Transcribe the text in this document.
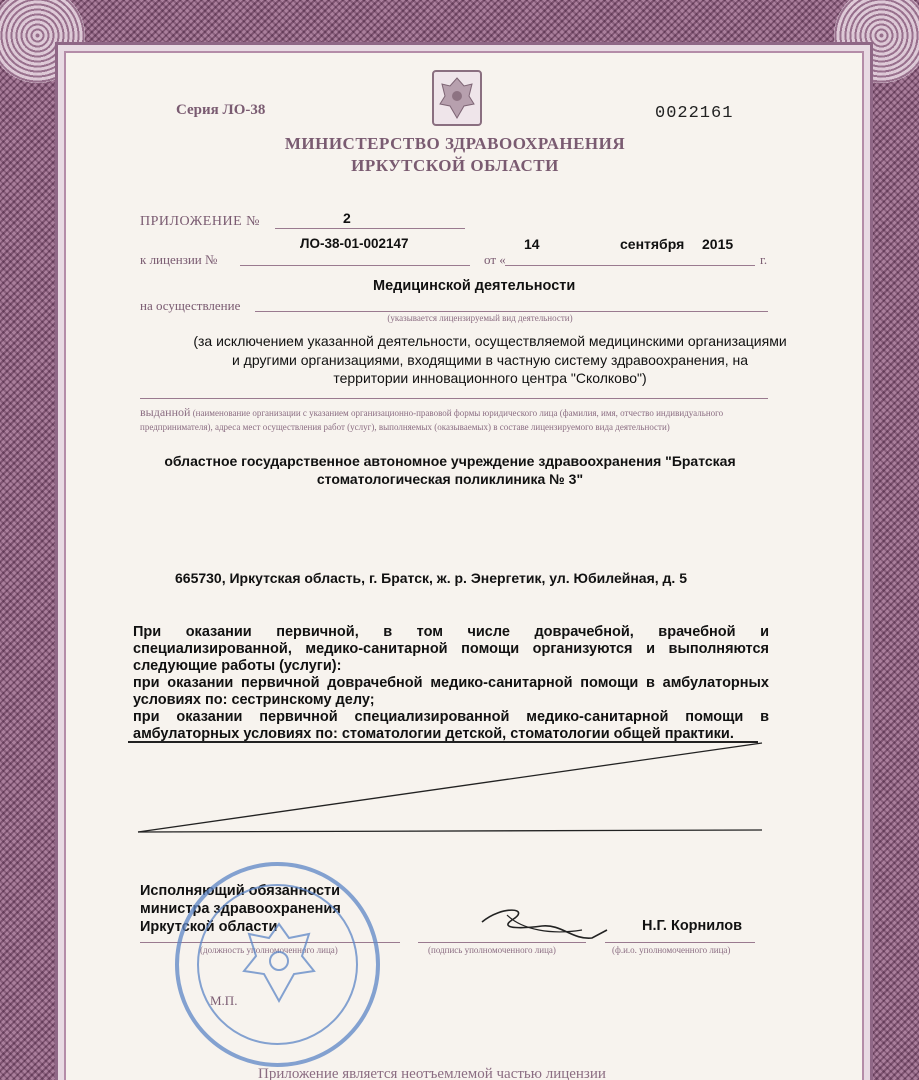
Серия ЛО-38	0022161
МИНИСТЕРСТВО ЗДРАВООХРАНЕНИЯ
ИРКУТСКОЙ ОБЛАСТИ
ПРИЛОЖЕНИЕ №	2
к лицензии №
ЛО-38-01-002147
от «
14	сентября 2015
г.
на осуществление
Медицинской деятельности
(указывается лицензируемый вид деятельности)
(за исключением указанной деятельности, осуществляемой медицинскими организациями
и другими организациями, входящими в частную систему здравоохранения, на
территории инновационного центра "Сколково")
выданной (наименование организации с указанием организационно-правовой формы юридического лица (фамилия, имя, отчество индивидуального предпринимателя), адреса мест осуществления работ (услуг), выполняемых (оказываемых) в составе лицензируемого вида деятельности)
областное государственное автономное учреждение здравоохранения "Братская
стоматологическая поликлиника № 3"
665730, Иркутская область, г. Братск, ж. р. Энергетик, ул. Юбилейная, д. 5
При оказании первичной, в том числе доврачебной, врачебной и
специализированной, медико-санитарной помощи организуются и выполняются
следующие работы (услуги):
при оказании первичной доврачебной медико-санитарной помощи в амбулаторных
условиях по: сестринскому делу;
при оказании первичной специализированной медико-санитарной помощи в
амбулаторных условиях по: стоматологии детской, стоматологии общей практики.
Исполняющий обязанности
министра здравоохранения
Иркутской области
(должность уполномоченного лица)	(подпись уполномоченного лица)
Н.Г. Корнилов
(ф.и.о. уполномоченного лица)
М.П.
Приложение является неотъемлемой частью лицензии
